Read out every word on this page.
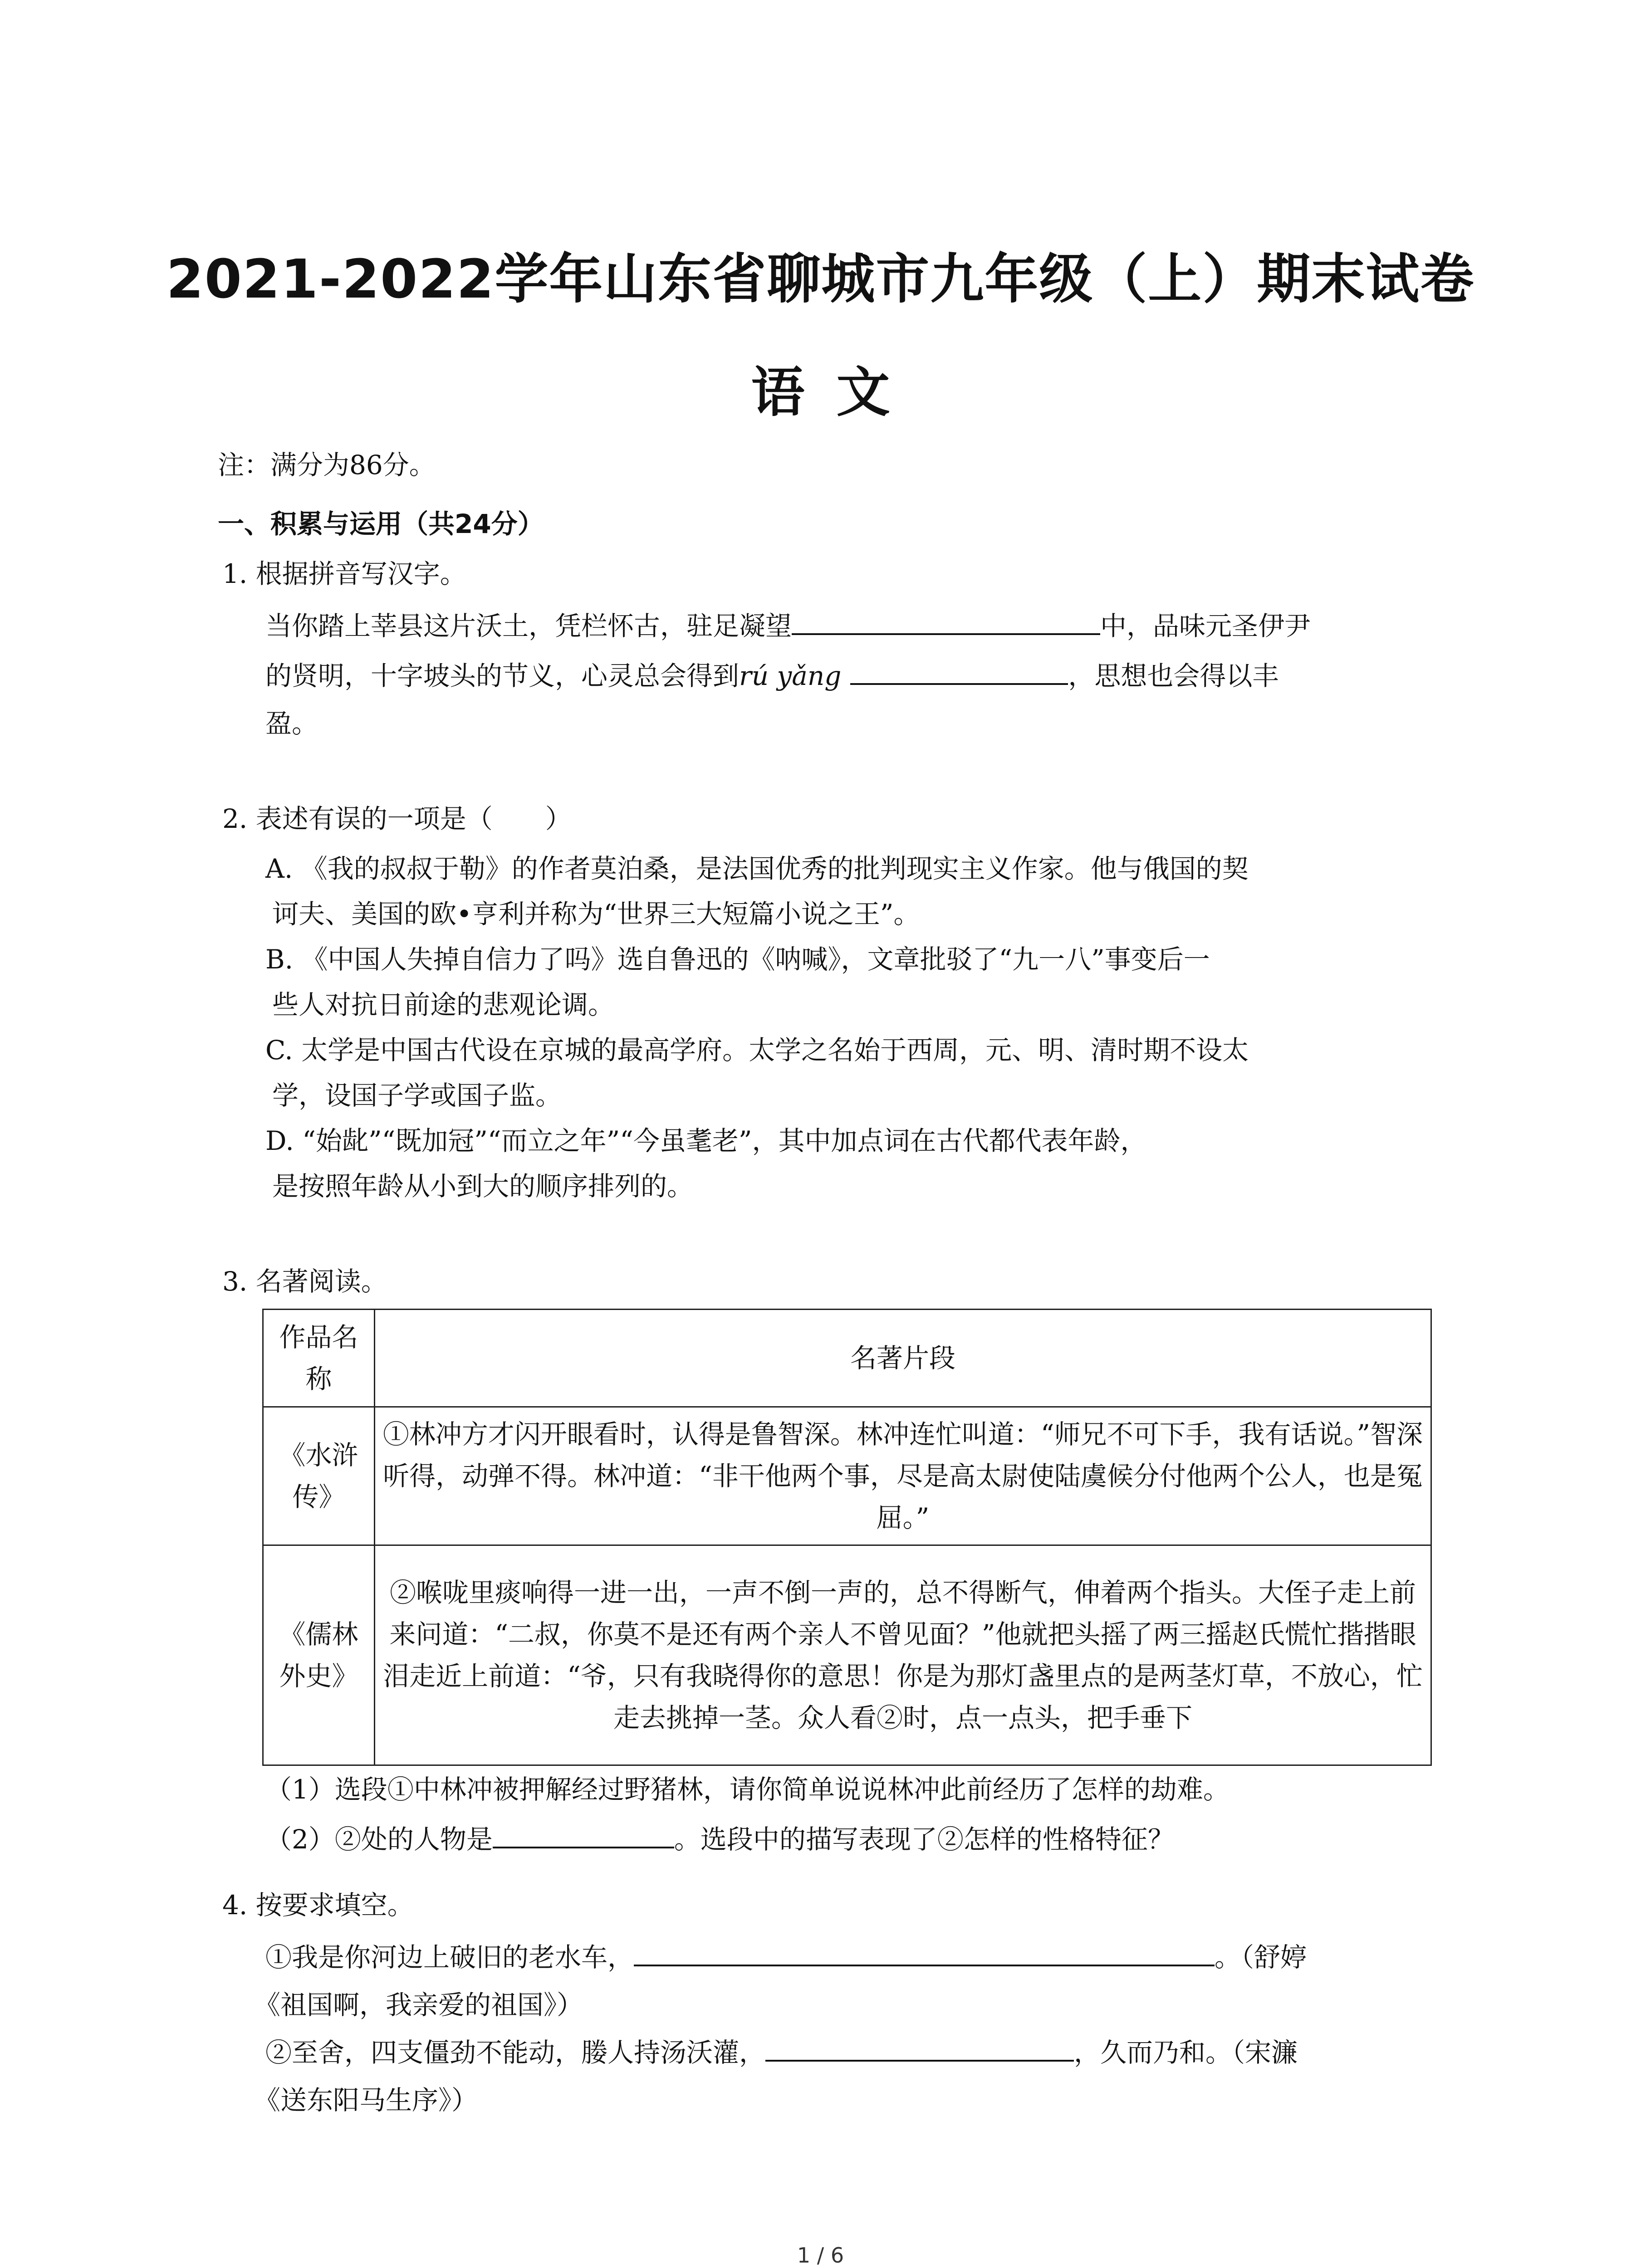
2021-2022学年山东省聊城市九年级（上）期末试卷
语文
注：满分为86分。
一、积累与运用（共24分）
1. 根据拼音写汉字。
当你踏上莘县这片沃土，凭栏怀古，驻足凝望	中，品味元圣伊尹
的贤明，十字坡头的节义，心灵总会得到rú yǎng	，思想也会得以丰
盈。
2. 表述有误的一项是（　　）
A. 《我的叔叔于勒》的作者莫泊桑，是法国优秀的批判现实主义作家。他与俄国的契
诃夫、美国的欧•亨利并称为“世界三大短篇小说之王”。
B. 《中国人失掉自信力了吗》选自鲁迅的《呐喊》，文章批驳了“九一八”事变后一
些人对抗日前途的悲观论调。
C. 太学是中国古代设在京城的最高学府。太学之名始于西周，元、明、清时期不设太
学，设国子学或国子监。
D. “始龀”“既加冠”“而立之年”“今虽耄老”，其中加点词在古代都代表年龄，
是按照年龄从小到大的顺序排列的。
3. 名著阅读。
作品名称	名著片段
《水浒传》	①林冲方才闪开眼看时，认得是鲁智深。林冲连忙叫道：“师兄不可下手，我有话说。”智深听得，动弹不得。林冲道：“非干他两个事，尽是高太尉使陆虞候分付他两个公人，也是冤屈。”
《儒林外史》	②喉咙里痰响得一进一出，一声不倒一声的，总不得断气，伸着两个指头。大侄子走上前来问道：“二叔，你莫不是还有两个亲人不曾见面？”他就把头摇了两三摇赵氏慌忙揩揩眼泪走近上前道：“爷，只有我晓得你的意思！你是为那灯盏里点的是两茎灯草，不放心，忙走去挑掉一茎。众人看②时，点一点头，把手垂下
（1）选段①中林冲被押解经过野猪林，请你简单说说林冲此前经历了怎样的劫难。
（2）②处的人物是	。选段中的描写表现了②怎样的性格特征？
4. 按要求填空。
①我是你河边上破旧的老水车，	。（舒婷
《祖国啊，我亲爱的祖国》）
②至舍，四支僵劲不能动，媵人持汤沃灌，	，久而乃和。（宋濂
《送东阳马生序》）
1 / 6
